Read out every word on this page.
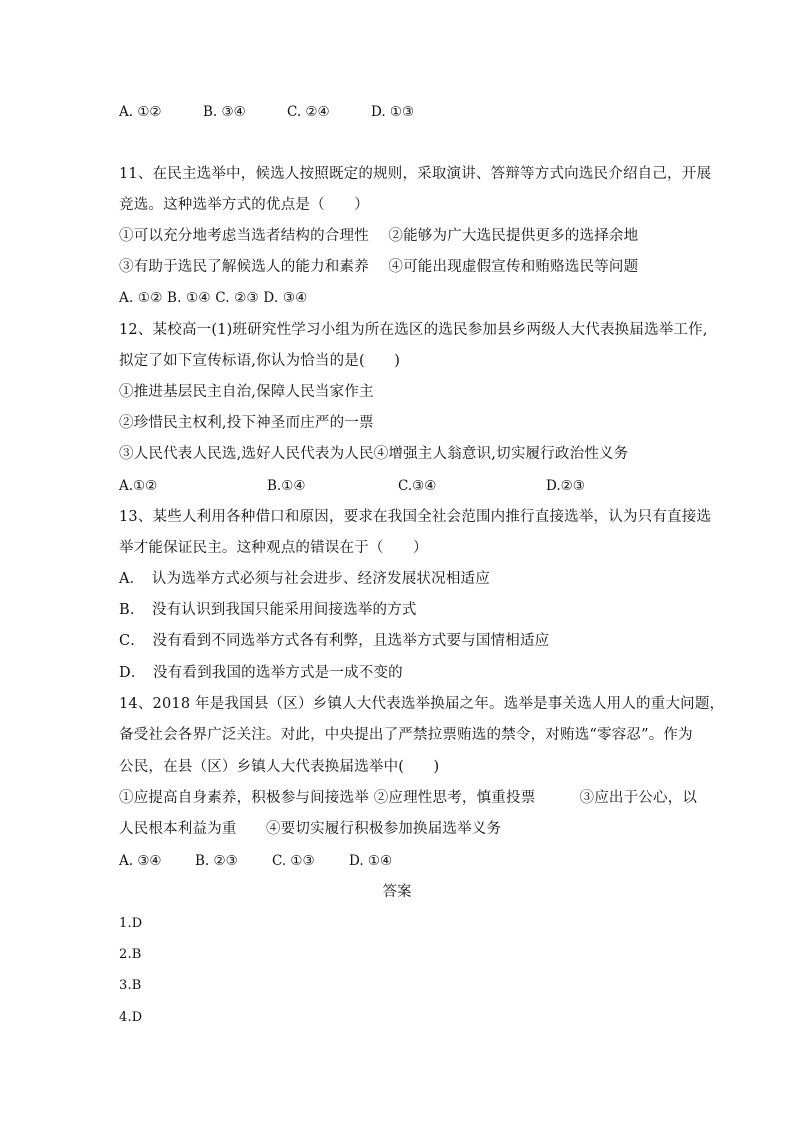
A. ①②	B. ③④	C. ②④	D. ①③
11、在民主选举中，候选人按照既定的规则，采取演讲、答辩等方式向选民介绍自己，开展
竞选。这种选举方式的优点是（　　）
①可以充分地考虑当选者结构的合理性　 ②能够为广大选民提供更多的选择余地
③有助于选民了解候选人的能力和素养　 ④可能出现虚假宣传和贿赂选民等问题
A. ①② B. ①④ C. ②③ D. ③④
12、某校高一(1)班研究性学习小组为所在选区的选民参加县乡两级人大代表换届选举工作,
拟定了如下宣传标语,你认为恰当的是(　　)
①推进基层民主自治,保障人民当家作主
②珍惜民主权利,投下神圣而庄严的一票
③人民代表人民选,选好人民代表为人民④增强主人翁意识,切实履行政治性义务
A.①②	B.①④	C.③④	D.②③
13、某些人利用各种借口和原因，要求在我国全社会范围内推行直接选举，认为只有直接选
举才能保证民主。这种观点的错误在于（　　）
A．　认为选举方式必须与社会进步、经济发展状况相适应
B．　没有认识到我国只能采用间接选举的方式
C．　没有看到不同选举方式各有利弊，且选举方式要与国情相适应
D．　没有看到我国的选举方式是一成不变的
14、2018 年是我国县（区）乡镇人大代表选举换届之年。选举是事关选人用人的重大问题，
备受社会各界广泛关注。对此，中央提出了严禁拉票贿选的禁令，对贿选“零容忍”。作为
公民，在县（区）乡镇人大代表换届选举中(　　)
①应提高自身素养，积极参与间接选举 ②应理性思考，慎重投票　　　③应出于公心，以
人民根本利益为重　　④要切实履行积极参加换届选举义务
A. ③④ B. ②③	C. ①③	D. ①④
答案
1.D
2.B
3.B
4.D
